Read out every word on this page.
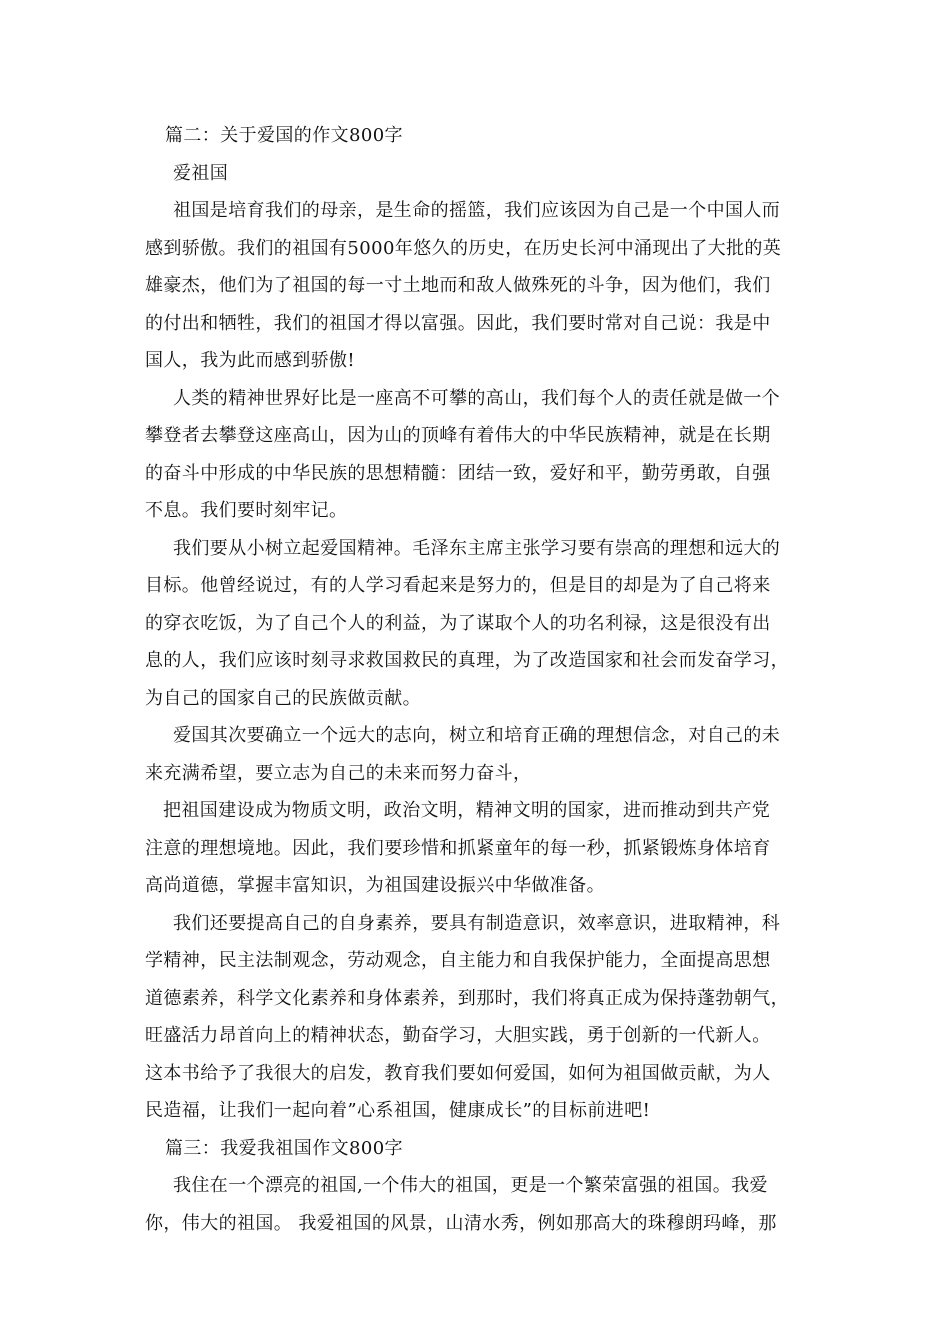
篇二：关于爱国的作文800字
爱祖国
祖国是培育我们的母亲，是生命的摇篮，我们应该因为自己是一个中国人而
感到骄傲。我们的祖国有5000年悠久的历史，在历史长河中涌现出了大批的英
雄豪杰，他们为了祖国的每一寸土地而和敌人做殊死的斗争，因为他们，我们
的付出和牺牲，我们的祖国才得以富强。因此，我们要时常对自己说：我是中
国人，我为此而感到骄傲!
人类的精神世界好比是一座高不可攀的高山，我们每个人的责任就是做一个
攀登者去攀登这座高山，因为山的顶峰有着伟大的中华民族精神，就是在长期
的奋斗中形成的中华民族的思想精髓：团结一致，爱好和平，勤劳勇敢，自强
不息。我们要时刻牢记。
我们要从小树立起爱国精神。毛泽东主席主张学习要有崇高的理想和远大的
目标。他曾经说过，有的人学习看起来是努力的，但是目的却是为了自己将来
的穿衣吃饭，为了自己个人的利益，为了谋取个人的功名利禄，这是很没有出
息的人，我们应该时刻寻求救国救民的真理，为了改造国家和社会而发奋学习，
为自己的国家自己的民族做贡献。
爱国其次要确立一个远大的志向，树立和培育正确的理想信念，对自己的未
来充满希望，要立志为自己的未来而努力奋斗，
把祖国建设成为物质文明，政治文明，精神文明的国家，进而推动到共产党
注意的理想境地。因此，我们要珍惜和抓紧童年的每一秒，抓紧锻炼身体培育
高尚道德，掌握丰富知识，为祖国建设振兴中华做准备。
我们还要提高自己的自身素养，要具有制造意识，效率意识，进取精神，科
学精神，民主法制观念，劳动观念，自主能力和自我保护能力，全面提高思想
道德素养，科学文化素养和身体素养，到那时，我们将真正成为保持蓬勃朝气，
旺盛活力昂首向上的精神状态，勤奋学习，大胆实践，勇于创新的一代新人。
这本书给予了我很大的启发，教育我们要如何爱国，如何为祖国做贡献，为人
民造福，让我们一起向着”心系祖国，健康成长”的目标前进吧!
篇三：我爱我祖国作文800字
我住在一个漂亮的祖国,一个伟大的祖国，更是一个繁荣富强的祖国。我爱
你，伟大的祖国。 我爱祖国的风景，山清水秀，例如那高大的珠穆朗玛峰，那
